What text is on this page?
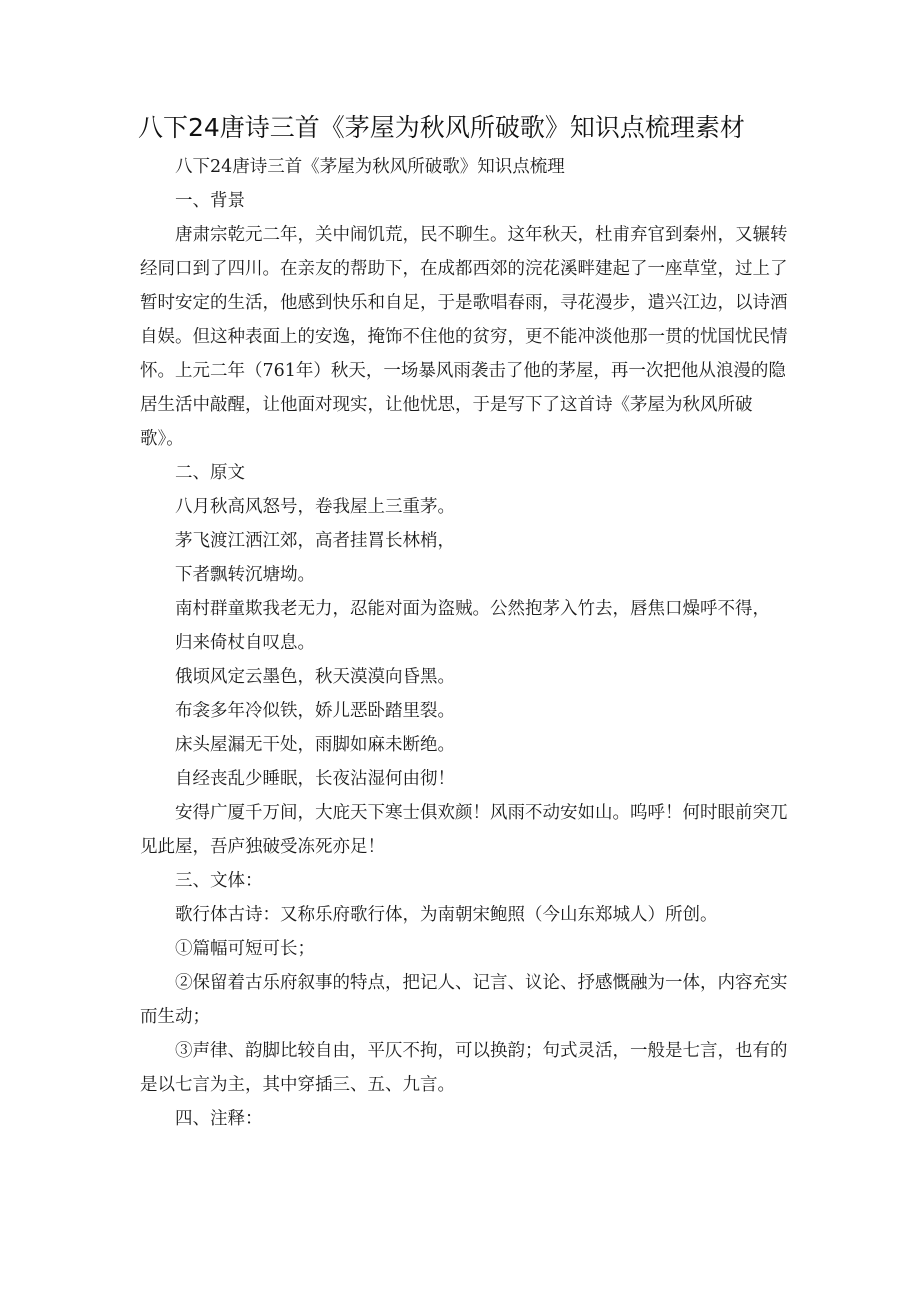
八下24唐诗三首《茅屋为秋风所破歌》知识点梳理素材

八下24唐诗三首《茅屋为秋风所破歌》知识点梳理

一、背景

唐肃宗乾元二年，关中闹饥荒，民不聊生。这年秋天，杜甫弃官到秦州，又辗转经同口到了四川。在亲友的帮助下，在成都西郊的浣花溪畔建起了一座草堂，过上了暂时安定的生活，他感到快乐和自足，于是歌唱春雨，寻花漫步，遣兴江边，以诗酒自娱。但这种表面上的安逸，掩饰不住他的贫穷，更不能冲淡他那一贯的忧国忧民情怀。上元二年（761年）秋天，一场暴风雨袭击了他的茅屋，再一次把他从浪漫的隐居生活中敲醒，让他面对现实，让他忧思，于是写下了这首诗《茅屋为秋风所破歌》。

二、原文

八月秋高风怒号，卷我屋上三重茅。

茅飞渡江洒江郊，高者挂罥长林梢，

下者飘转沉塘坳。

南村群童欺我老无力，忍能对面为盗贼。公然抱茅入竹去，唇焦口燥呼不得，

归来倚杖自叹息。

俄顷风定云墨色，秋天漠漠向昏黑。

布衾多年冷似铁，娇儿恶卧踏里裂。

床头屋漏无干处，雨脚如麻未断绝。

自经丧乱少睡眠，长夜沾湿何由彻！

安得广厦千万间，大庇天下寒士俱欢颜！风雨不动安如山。呜呼！何时眼前突兀见此屋，吾庐独破受冻死亦足！

三、文体：

歌行体古诗：又称乐府歌行体，为南朝宋鲍照（今山东郑城人）所创。

①篇幅可短可长；

②保留着古乐府叙事的特点，把记人、记言、议论、抒感慨融为一体，内容充实而生动；

③声律、韵脚比较自由，平仄不拘，可以换韵；句式灵活，一般是七言，也有的是以七言为主，其中穿插三、五、九言。

四、注释：
